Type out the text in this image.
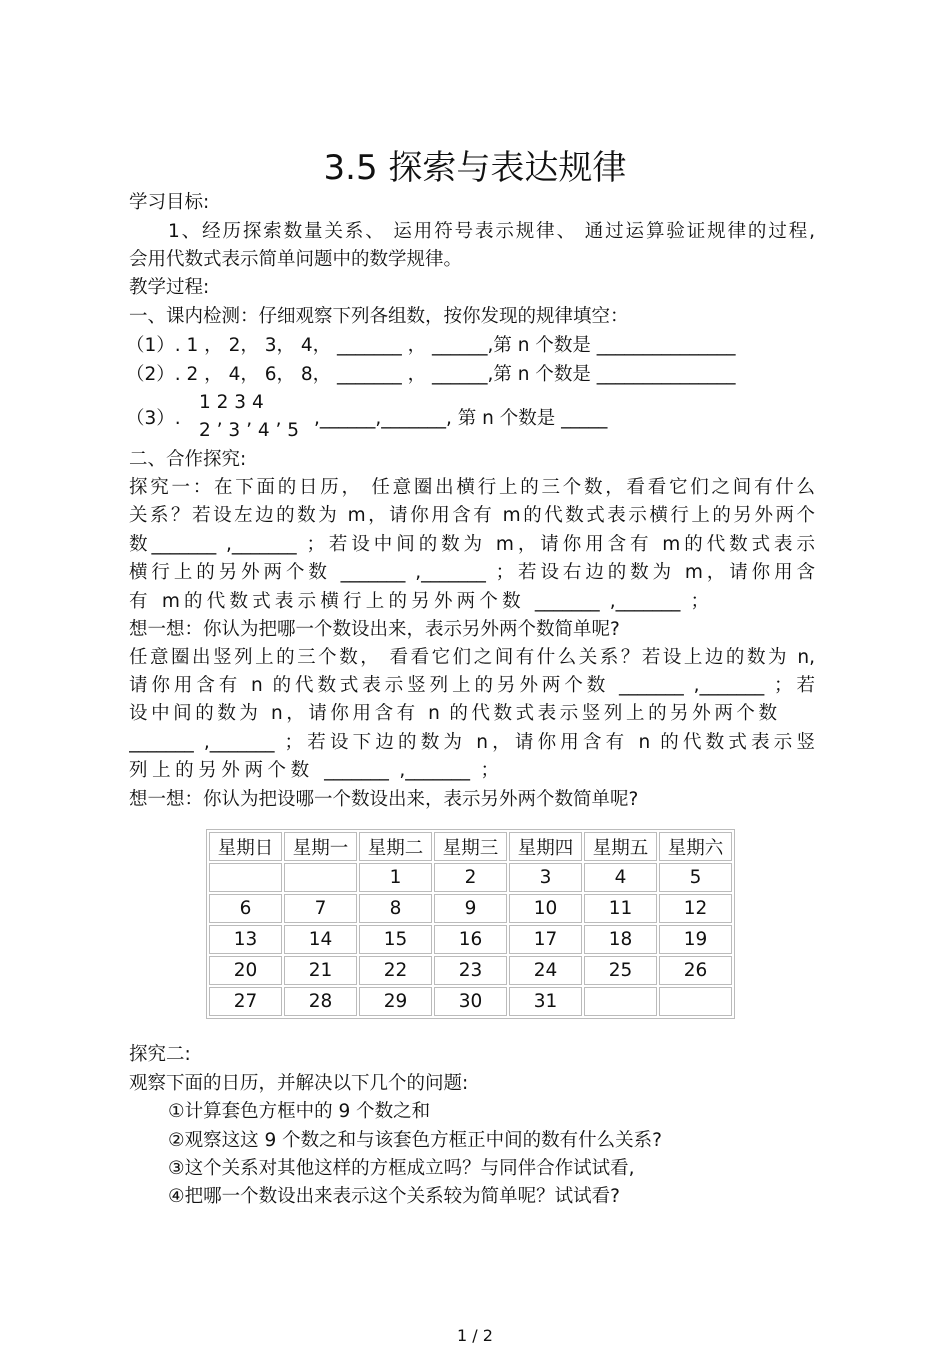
3.5 探索与表达规律
学习目标:
1、经历探索数量关系、 运用符号表示规律、 通过运算验证规律的过程,
会用代数式表示简单问题中的数学规律。
教学过程:
一、课内检测：仔细观察下列各组数，按你发现的规律填空：
（1）. 1 ， 2， 3， 4， _______ ， ______,第 n 个数是 _______________
（2）. 2 ， 4， 6， 8， _______ ， ______,第 n 个数是 _______________
（3）.
1 2 3 4
2 ’ 3 ’ 4 ’ 5
,______,_______, 第 n 个数是 _____
二、合作探究:
探究一：在下面的日历， 任意圈出横行上的三个数，看看它们之间有什么
关系？若设左边的数为 m，请你用含有 m的代数式表示横行上的另外两个
数_______ ,_______ ；若设中间的数为 m，请你用含有 m的代数式表示
横行上的另外两个数 _______ ,_______ ；若设右边的数为 m，请你用含
有 m的代数式表示横行上的另外两个数 _______ ,_______ ；
想一想：你认为把哪一个数设出来，表示另外两个数简单呢?
任意圈出竖列上的三个数， 看看它们之间有什么关系？若设上边的数为 n,
请你用含有 n 的代数式表示竖列上的另外两个数 _______ ,_______ ；若
设中间的数为 n，请你用含有 n 的代数式表示竖列上的另外两个数
_______ ,_______ ；若设下边的数为 n，请你用含有 n 的代数式表示竖
列上的另外两个数 _______ ,_______ ；
想一想：你认为把设哪一个数设出来，表示另外两个数简单呢?
星期日	星期一	星期二	星期三	星期四	星期五	星期六
		1	2	3	4	5
6	7	8	9	10	11	12
13	14	15	16	17	18	19
20	21	22	23	24	25	26
27	28	29	30	31		
探究二:
观察下面的日历，并解决以下几个的问题:
①计算套色方框中的 9 个数之和
②观察这这 9 个数之和与该套色方框正中间的数有什么关系?
③这个关系对其他这样的方框成立吗？与同伴合作试试看,
④把哪一个数设出来表示这个关系较为简单呢？试试看?
1 / 2
